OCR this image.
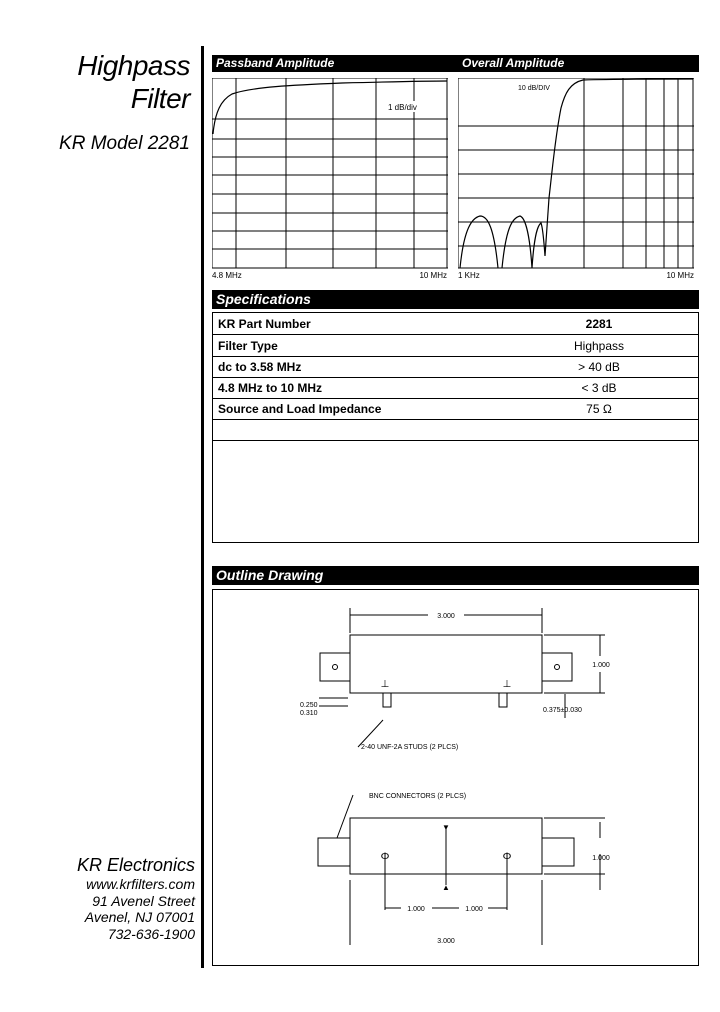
Highpass
Filter
KR Model 2281
Passband Amplitude	Overall Amplitude
1 dB/div
4.8 MHz	10 MHz
10 dB/DIV
1 KHz	10 MHz
Specifications
KR Part Number	2281
Filter Type	Highpass
dc to 3.58 MHz	> 40 dB
4.8 MHz to 10 MHz	< 3 dB
Source and Load Impedance	75 Ω
Outline Drawing
⊥	⊥
Φ	Φ
▼
▲
3.000
1.000
0.250
0.310	0.375±0.030
2-40 UNF-2A STUDS (2 PLCS)
BNC CONNECTORS (2 PLCS)
1.000
1.000	1.000
3.000
KR Electronics
www.krfilters.com
91 Avenel Street
Avenel, NJ 07001
732-636-1900
